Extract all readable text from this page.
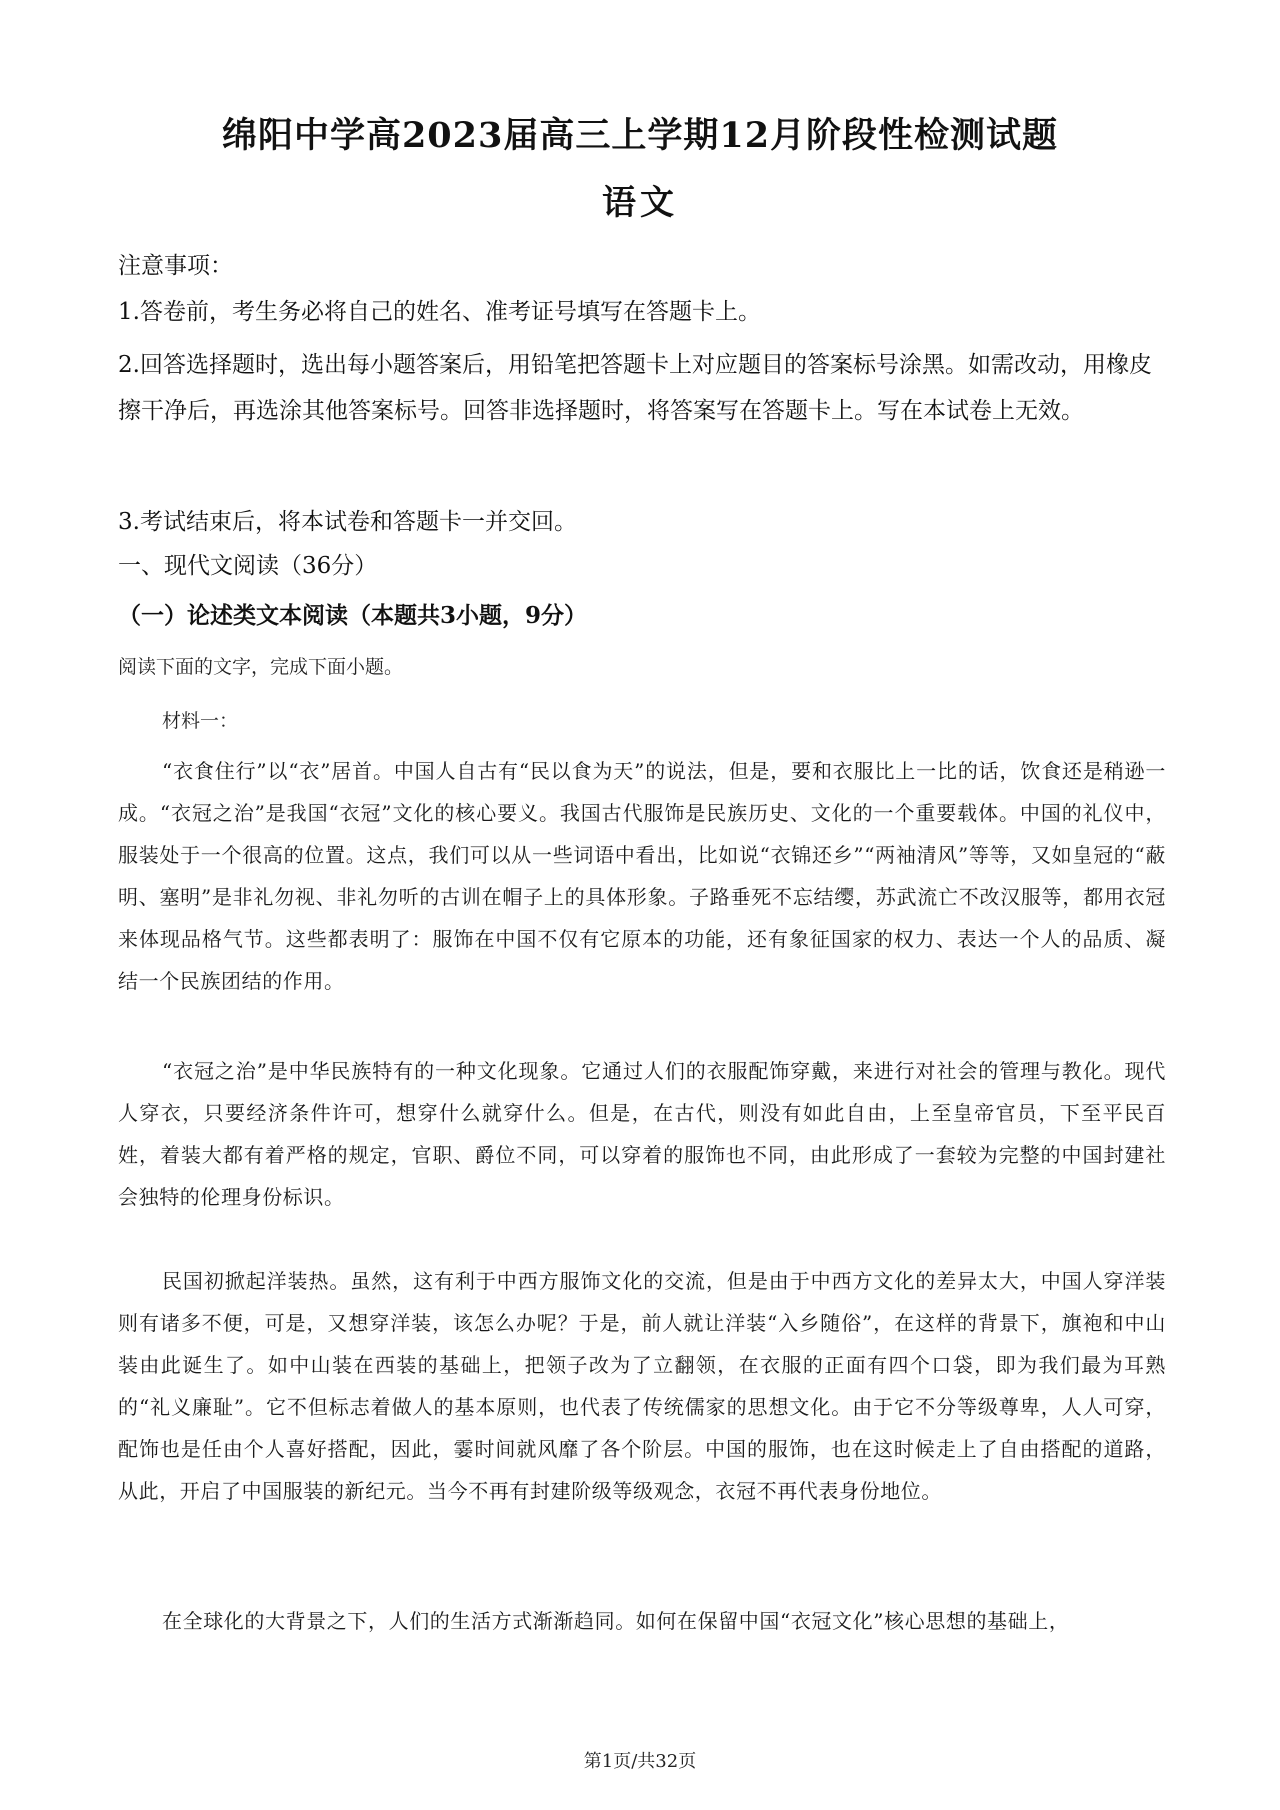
绵阳中学高2023届高三上学期12月阶段性检测试题
语文
注意事项：
1.答卷前，考生务必将自己的姓名、准考证号填写在答题卡上。
2.回答选择题时，选出每小题答案后，用铅笔把答题卡上对应题目的答案标号涂黑。如需改动，用橡皮擦干净后，再选涂其他答案标号。回答非选择题时，将答案写在答题卡上。写在本试卷上无效。
3.考试结束后，将本试卷和答题卡一并交回。
一、现代文阅读（36分）
（一）论述类文本阅读（本题共3小题，9分）
阅读下面的文字，完成下面小题。
材料一：
“衣食住行”以“衣”居首。中国人自古有“民以食为天”的说法，但是，要和衣服比上一比的话，饮食还是稍逊一成。“衣冠之治”是我国“衣冠”文化的核心要义。我国古代服饰是民族历史、文化的一个重要载体。中国的礼仪中，服装处于一个很高的位置。这点，我们可以从一些词语中看出，比如说“衣锦还乡”“两袖清风”等等，又如皇冠的“蔽明、塞明”是非礼勿视、非礼勿听的古训在帽子上的具体形象。子路垂死不忘结缨，苏武流亡不改汉服等，都用衣冠来体现品格气节。这些都表明了：服饰在中国不仅有它原本的功能，还有象征国家的权力、表达一个人的品质、凝结一个民族团结的作用。
“衣冠之治”是中华民族特有的一种文化现象。它通过人们的衣服配饰穿戴，来进行对社会的管理与教化。现代人穿衣，只要经济条件许可，想穿什么就穿什么。但是，在古代，则没有如此自由，上至皇帝官员，下至平民百姓，着装大都有着严格的规定，官职、爵位不同，可以穿着的服饰也不同，由此形成了一套较为完整的中国封建社会独特的伦理身份标识。
民国初掀起洋装热。虽然，这有利于中西方服饰文化的交流，但是由于中西方文化的差异太大，中国人穿洋装则有诸多不便，可是，又想穿洋装，该怎么办呢？于是，前人就让洋装“入乡随俗”，在这样的背景下，旗袍和中山装由此诞生了。如中山装在西装的基础上，把领子改为了立翻领，在衣服的正面有四个口袋，即为我们最为耳熟的“礼义廉耻”。它不但标志着做人的基本原则，也代表了传统儒家的思想文化。由于它不分等级尊卑，人人可穿，配饰也是任由个人喜好搭配，因此，霎时间就风靡了各个阶层。中国的服饰，也在这时候走上了自由搭配的道路，从此，开启了中国服装的新纪元。当今不再有封建阶级等级观念，衣冠不再代表身份地位。
在全球化的大背景之下，人们的生活方式渐渐趋同。如何在保留中国“衣冠文化”核心思想的基础上，
第1页/共32页
